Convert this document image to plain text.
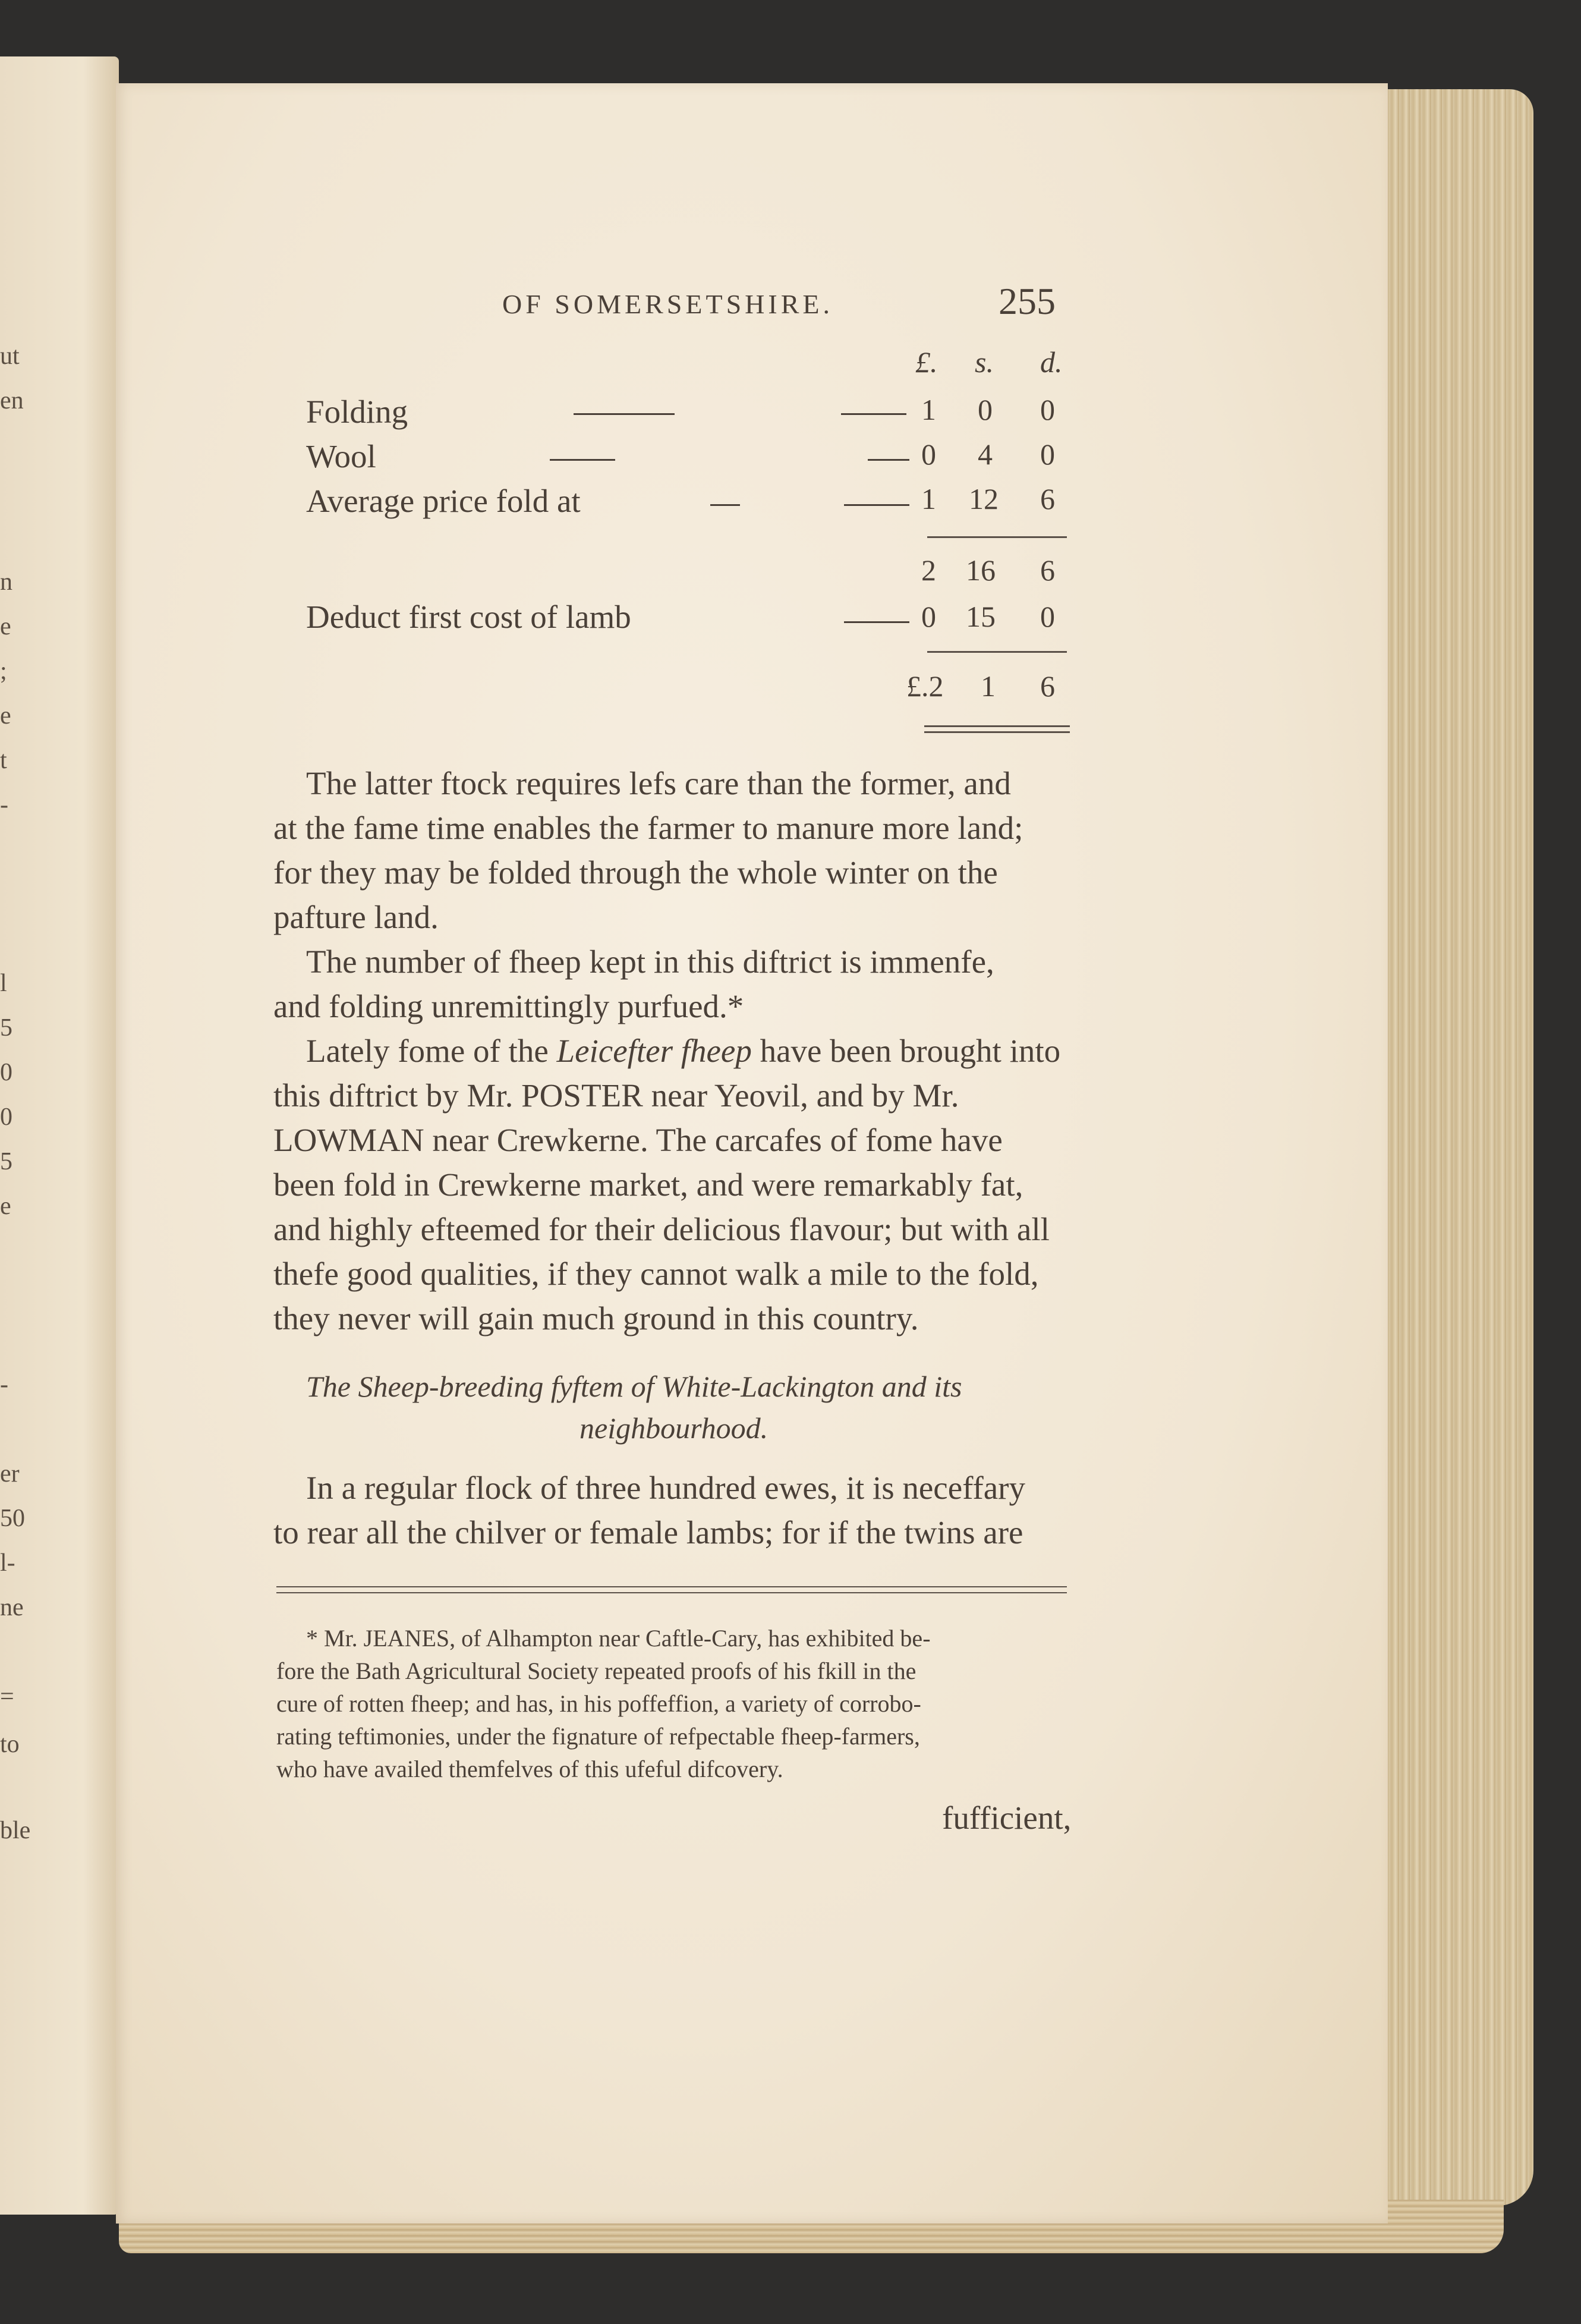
ut
en
n
e
;
e
t
-
l
5
0
0
5
e
-
er
50
l-
ne
=
to
ble
OF SOMERSETSHIRE.	255
£. s. d.
Folding	1 0 0
Wool	0 4 0
Average price fold at	1 12 6
2 16 6
Deduct first cost of lamb	0 15 0
£.2 1 6
The latter ftock requires lefs care than the former, and
at the fame time enables the farmer to manure more land;
for they may be folded through the whole winter on the
pafture land.
The number of fheep kept in this diftrict is immenfe,
and folding unremittingly purfued.*
Lately fome of the Leicefter fheep have been brought into
this diftrict by Mr. POSTER near Yeovil, and by Mr.
LOWMAN near Crewkerne. The carcafes of fome have
been fold in Crewkerne market, and were remarkably fat,
and highly efteemed for their delicious flavour; but with all
thefe good qualities, if they cannot walk a mile to the fold,
they never will gain much ground in this country.
The Sheep-breeding fyftem of White-Lackington and its
neighbourhood.
In a regular flock of three hundred ewes, it is neceffary
to rear all the chilver or female lambs; for if the twins are
* Mr. JEANES, of Alhampton near Caftle-Cary, has exhibited be-
fore the Bath Agricultural Society repeated proofs of his fkill in the
cure of rotten fheep; and has, in his poffeffion, a variety of corrobo-
rating teftimonies, under the fignature of refpectable fheep-farmers,
who have availed themfelves of this ufeful difcovery.
fufficient,
